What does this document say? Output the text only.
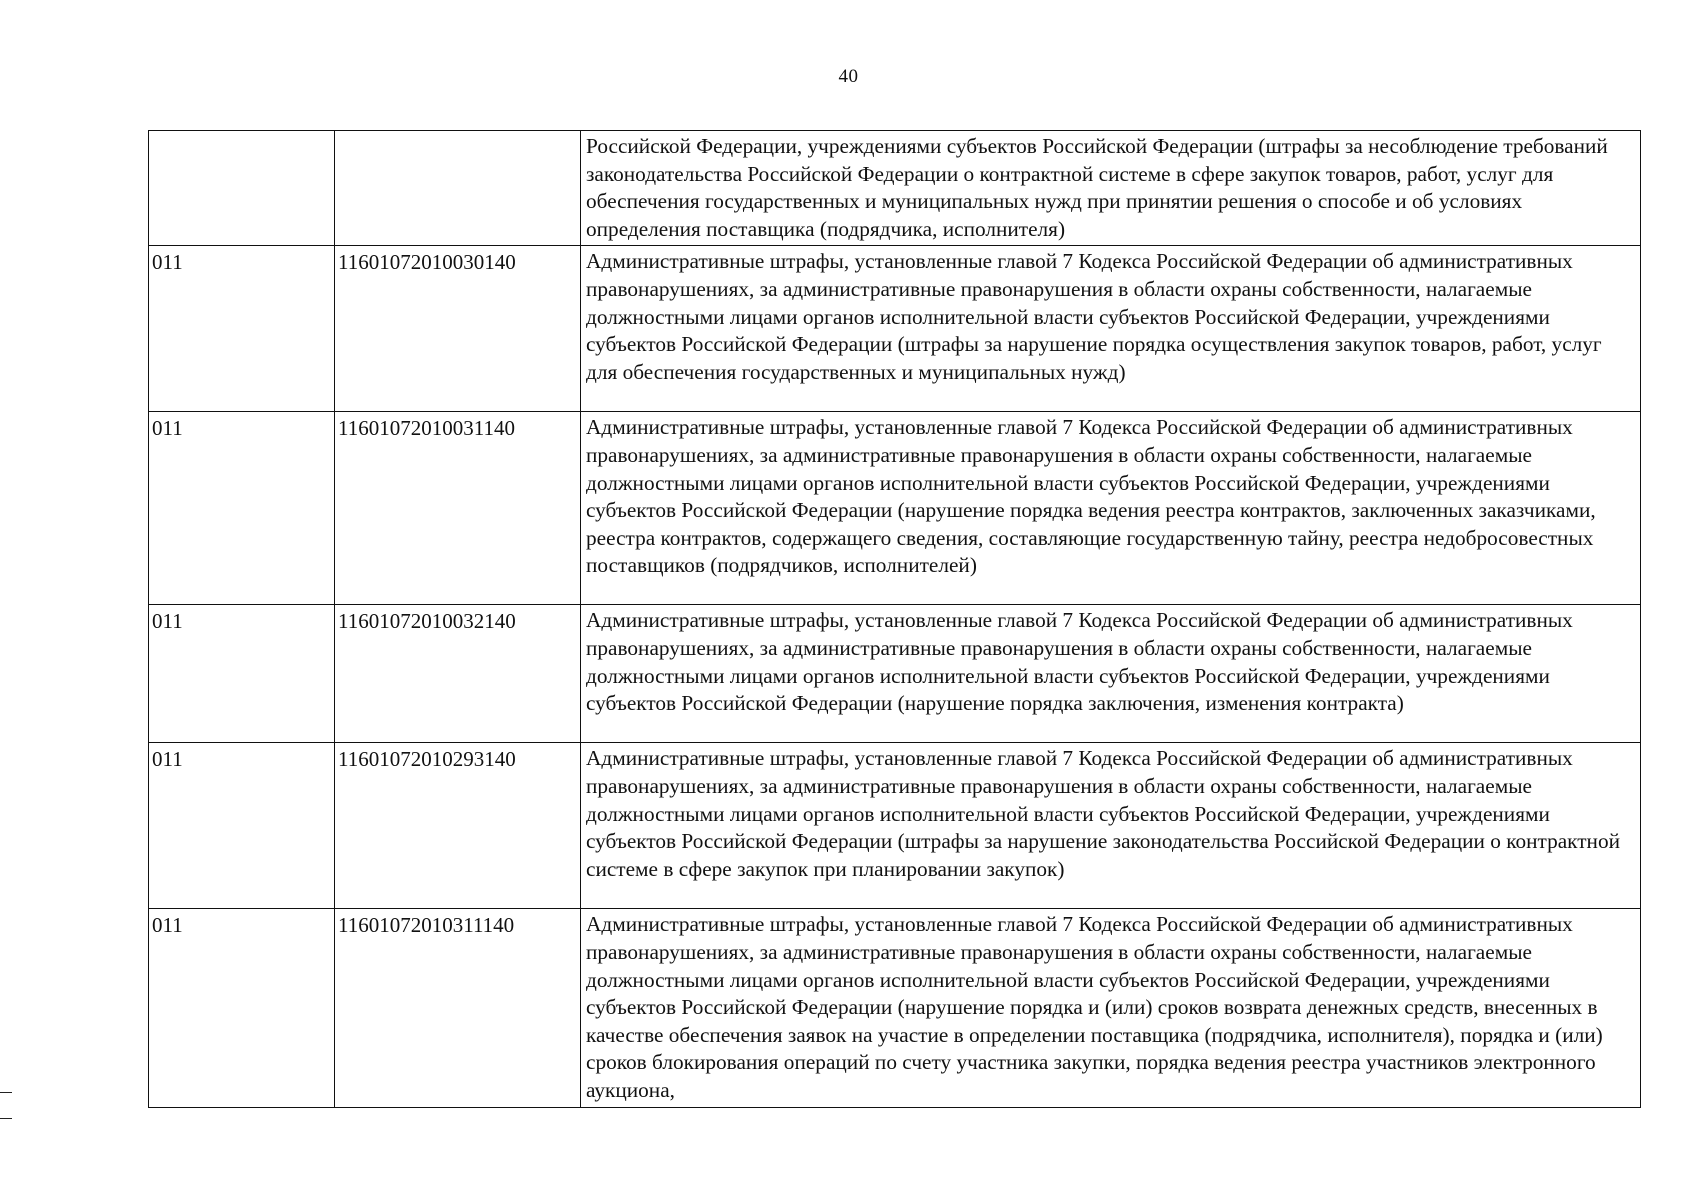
40
		Российской Федерации, учреждениями субъектов Российской Федерации (штрафы за несоблюдение требований законодательства Российской Федерации о контрактной системе в сфере закупок товаров, работ, услуг для обеспечения государственных и муниципальных нужд при принятии решения о способе и об условиях определения поставщика (подрядчика, исполнителя)
011	11601072010030140	Административные штрафы, установленные главой 7 Кодекса Российской Федерации об административных правонарушениях, за административные правонарушения в области охраны собственности, налагаемые должностными лицами органов исполнительной власти субъектов Российской Федерации, учреждениями субъектов Российской Федерации (штрафы за нарушение порядка осуществления закупок товаров, работ, услуг для обеспечения государственных и муниципальных нужд)
011	11601072010031140	Административные штрафы, установленные главой 7 Кодекса Российской Федерации об административных правонарушениях, за административные правонарушения в области охраны собственности, налагаемые должностными лицами органов исполнительной власти субъектов Российской Федерации, учреждениями субъектов Российской Федерации (нарушение порядка ведения реестра контрактов, заключенных заказчиками, реестра контрактов, содержащего сведения, составляющие государственную тайну, реестра недобросовестных поставщиков (подрядчиков, исполнителей)
011	11601072010032140	Административные штрафы, установленные главой 7 Кодекса Российской Федерации об административных правонарушениях, за административные правонарушения в области охраны собственности, налагаемые должностными лицами органов исполнительной власти субъектов Российской Федерации, учреждениями субъектов Российской Федерации (нарушение порядка заключения, изменения контракта)
011	11601072010293140	Административные штрафы, установленные главой 7 Кодекса Российской Федерации об административных правонарушениях, за административные правонарушения в области охраны собственности, налагаемые должностными лицами органов исполнительной власти субъектов Российской Федерации, учреждениями субъектов Российской Федерации (штрафы за нарушение законодательства Российской Федерации о контрактной системе в сфере закупок при планировании закупок)
011	11601072010311140	Административные штрафы, установленные главой 7 Кодекса Российской Федерации об административных правонарушениях, за административные правонарушения в области охраны собственности, налагаемые должностными лицами органов исполнительной власти субъектов Российской Федерации, учреждениями субъектов Российской Федерации (нарушение порядка и (или) сроков возврата денежных средств, внесенных в качестве обеспечения заявок на участие в определении поставщика (подрядчика, исполнителя), порядка и (или) сроков блокирования операций по счету участника закупки, порядка ведения реестра участников электронного аукциона,
